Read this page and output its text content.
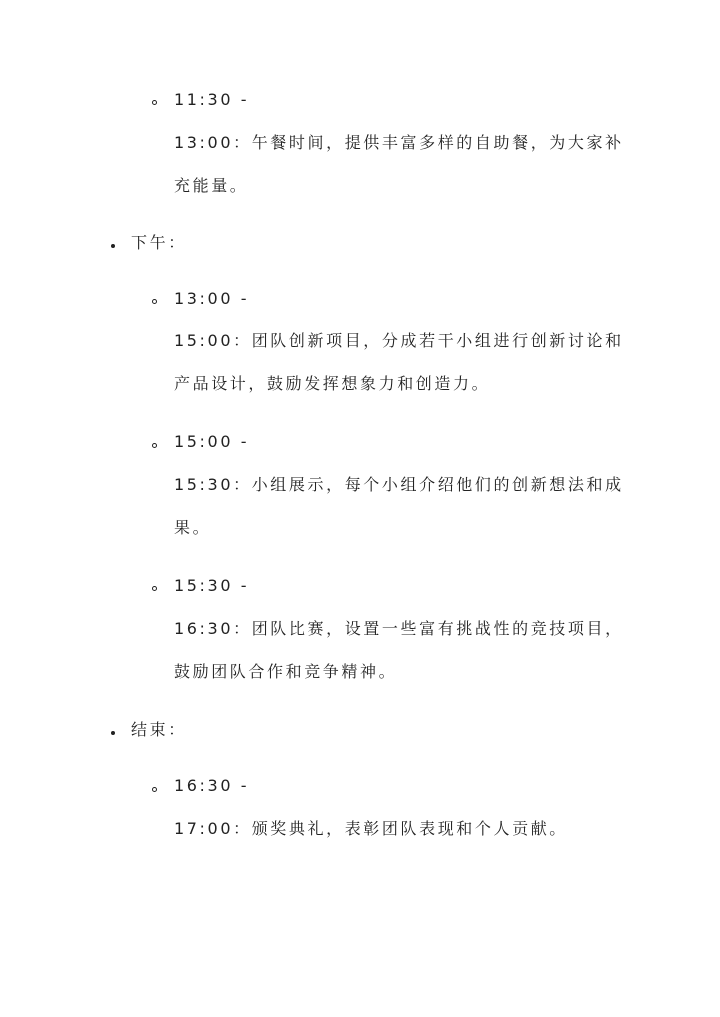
11:30 -
13:00：午餐时间，提供丰富多样的自助餐，为大家补
充能量。
下午：
13:00 -
15:00：团队创新项目，分成若干小组进行创新讨论和
产品设计，鼓励发挥想象力和创造力。
15:00 -
15:30：小组展示，每个小组介绍他们的创新想法和成
果。
15:30 -
16:30：团队比赛，设置一些富有挑战性的竞技项目，
鼓励团队合作和竞争精神。
结束：
16:30 -
17:00：颁奖典礼，表彰团队表现和个人贡献。
